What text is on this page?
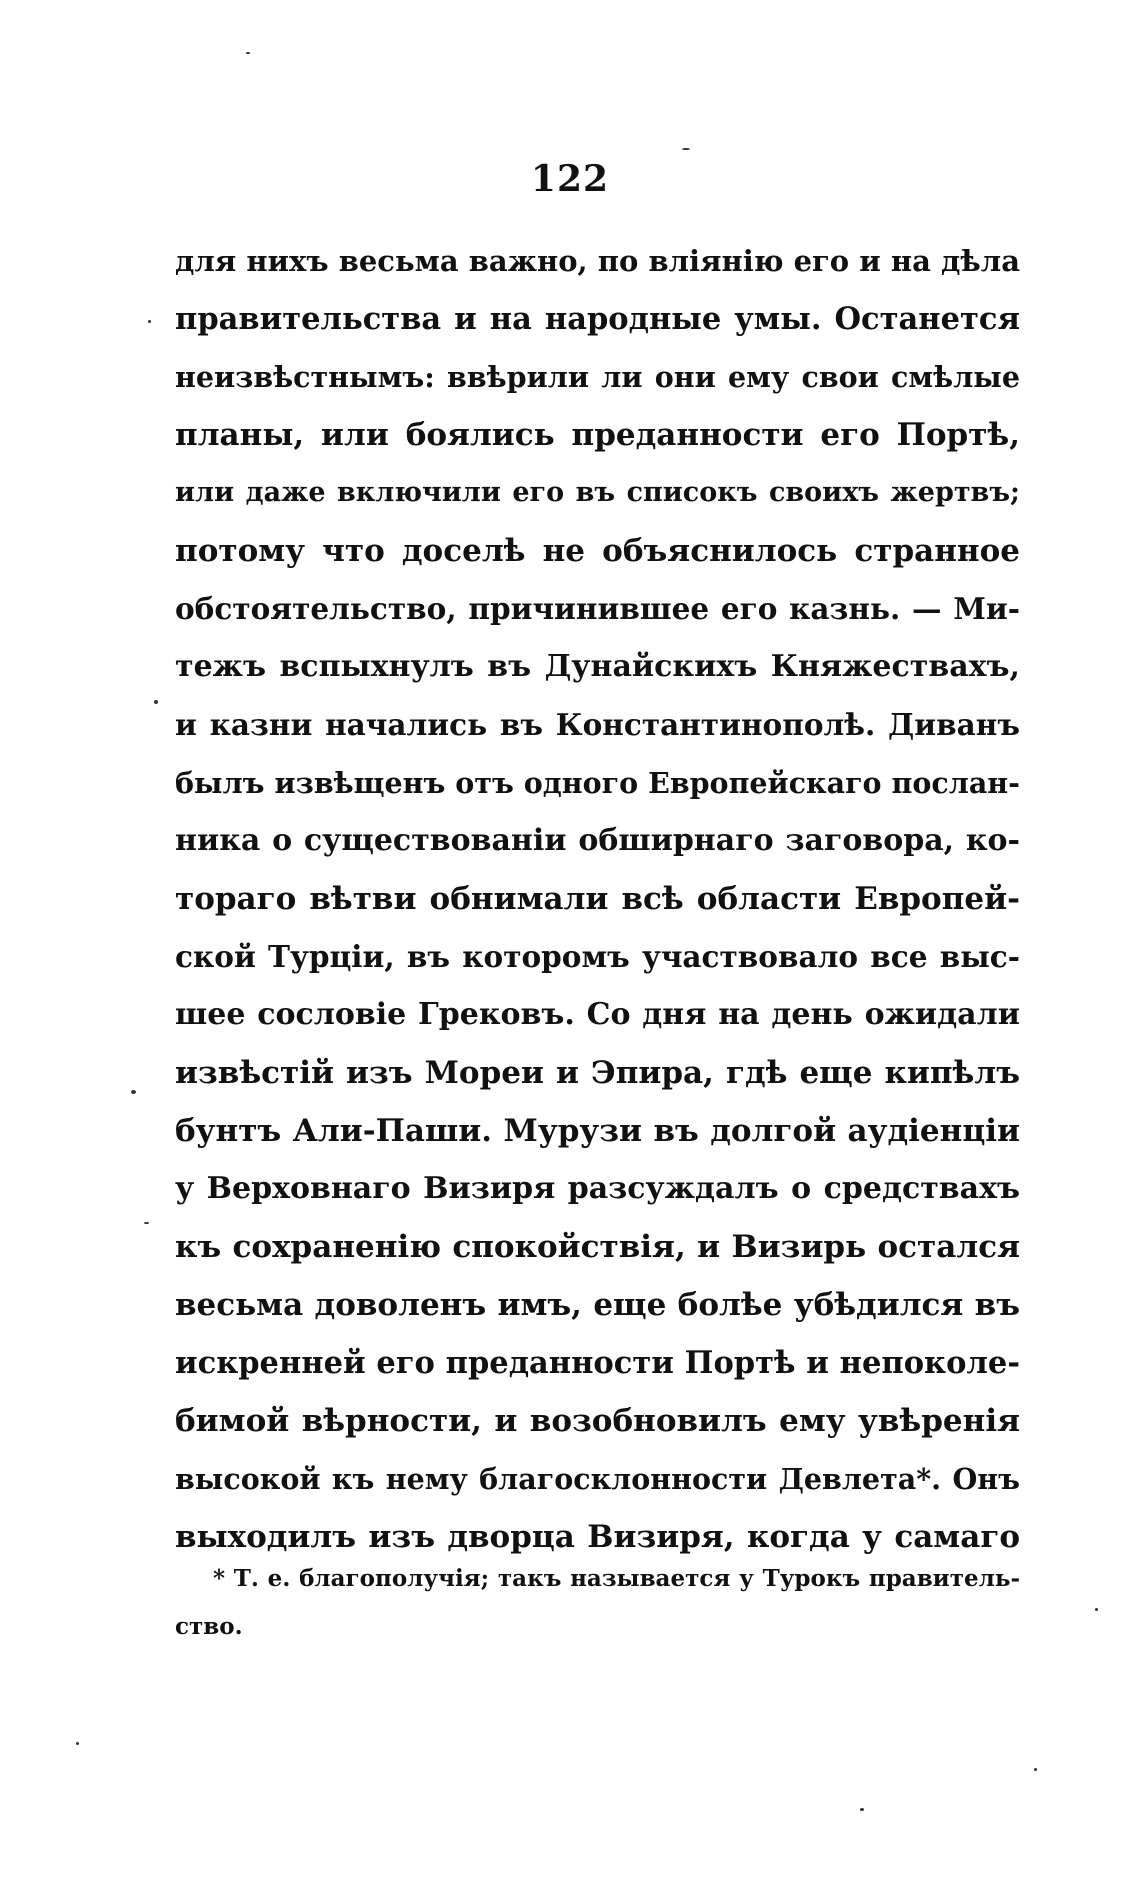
122
для нихъ весьма важно, по вліянію его и на дѣла
правительства и на народные умы. Останется
неизвѣстнымъ: ввѣрили ли они ему свои смѣлые
планы, или боялись преданности его Портѣ,
или даже включили его въ списокъ своихъ жертвъ;
потому что доселѣ не объяснилось странное
обстоятельство, причинившее его казнь. — Ми-
тежъ вспыхнулъ въ Дунайскихъ Княжествахъ,
и казни начались въ Константинополѣ. Диванъ
былъ извѣщенъ отъ одного Европейскаго послан-
ника о существованіи обширнаго заговора, ко-
тораго вѣтви обнимали всѣ области Европей-
ской Турціи, въ которомъ участвовало все выс-
шее сословіе Грековъ. Со дня на день ожидали
извѣстій изъ Мореи и Эпира, гдѣ еще кипѣлъ
бунтъ Али-Паши. Мурузи въ долгой аудіенціи
у Верховнаго Визиря разсуждалъ о средствахъ
къ сохраненію спокойствія, и Визирь остался
весьма доволенъ имъ, еще болѣе убѣдился въ
искренней его преданности Портѣ и непоколе-
бимой вѣрности, и возобновилъ ему увѣренія
высокой къ нему благосклонности Девлета*. Онъ
выходилъ изъ дворца Визиря, когда у самаго
* Т. е. благополучія; такъ называется у Турокъ правитель-
ство.
